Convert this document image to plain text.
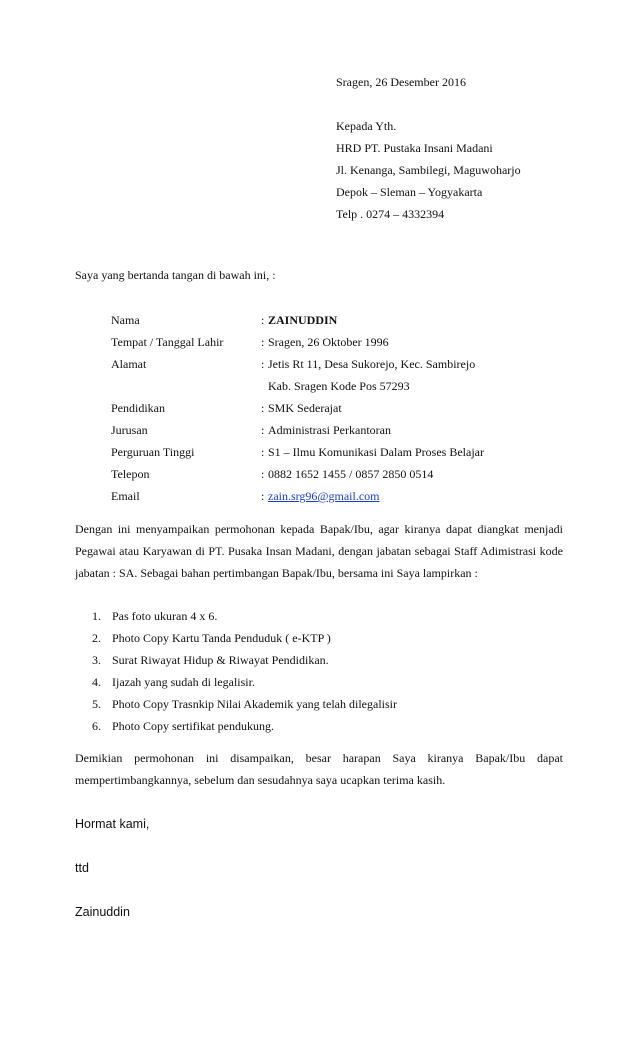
Sragen, 26 Desember 2016
Kepada Yth.
HRD PT. Pustaka Insani Madani
Jl. Kenanga, Sambilegi, Maguwoharjo
Depok – Sleman – Yogyakarta
Telp . 0274 – 4332394
Saya yang bertanda tangan di bawah ini, :
Nama	: ZAINUDDIN
Tempat / Tanggal Lahir	: Sragen, 26 Oktober 1996
Alamat	: Jetis Rt 11, Desa Sukorejo, Kec. Sambirejo
Kab. Sragen Kode Pos 57293
Pendidikan	: SMK Sederajat
Jurusan	: Administrasi Perkantoran
Perguruan Tinggi	: S1 – Ilmu Komunikasi Dalam Proses Belajar
Telepon	: 0882 1652 1455 / 0857 2850 0514
Email	: zain.srg96@gmail.com

Dengan ini menyampaikan permohonan kepada Bapak/Ibu, agar kiranya dapat diangkat menjadi Pegawai atau Karyawan di PT. Pusaka Insan Madani, dengan jabatan sebagai Staff Adimistrasi kode jabatan : SA. Sebagai bahan pertimbangan Bapak/Ibu, bersama ini Saya lampirkan :

1. Pas foto ukuran 4 x 6.
2. Photo Copy Kartu Tanda Penduduk ( e-KTP )
3. Surat Riwayat Hidup & Riwayat Pendidikan.
4. Ijazah yang sudah di legalisir.
5. Photo Copy Trasnkip Nilai Akademik yang telah dilegalisir
6. Photo Copy sertifikat pendukung.

Demikian permohonan ini disampaikan, besar harapan Saya kiranya Bapak/Ibu dapat mempertimbangkannya, sebelum dan sesudahnya saya ucapkan terima kasih.

Hormat kami,
ttd
Zainuddin
